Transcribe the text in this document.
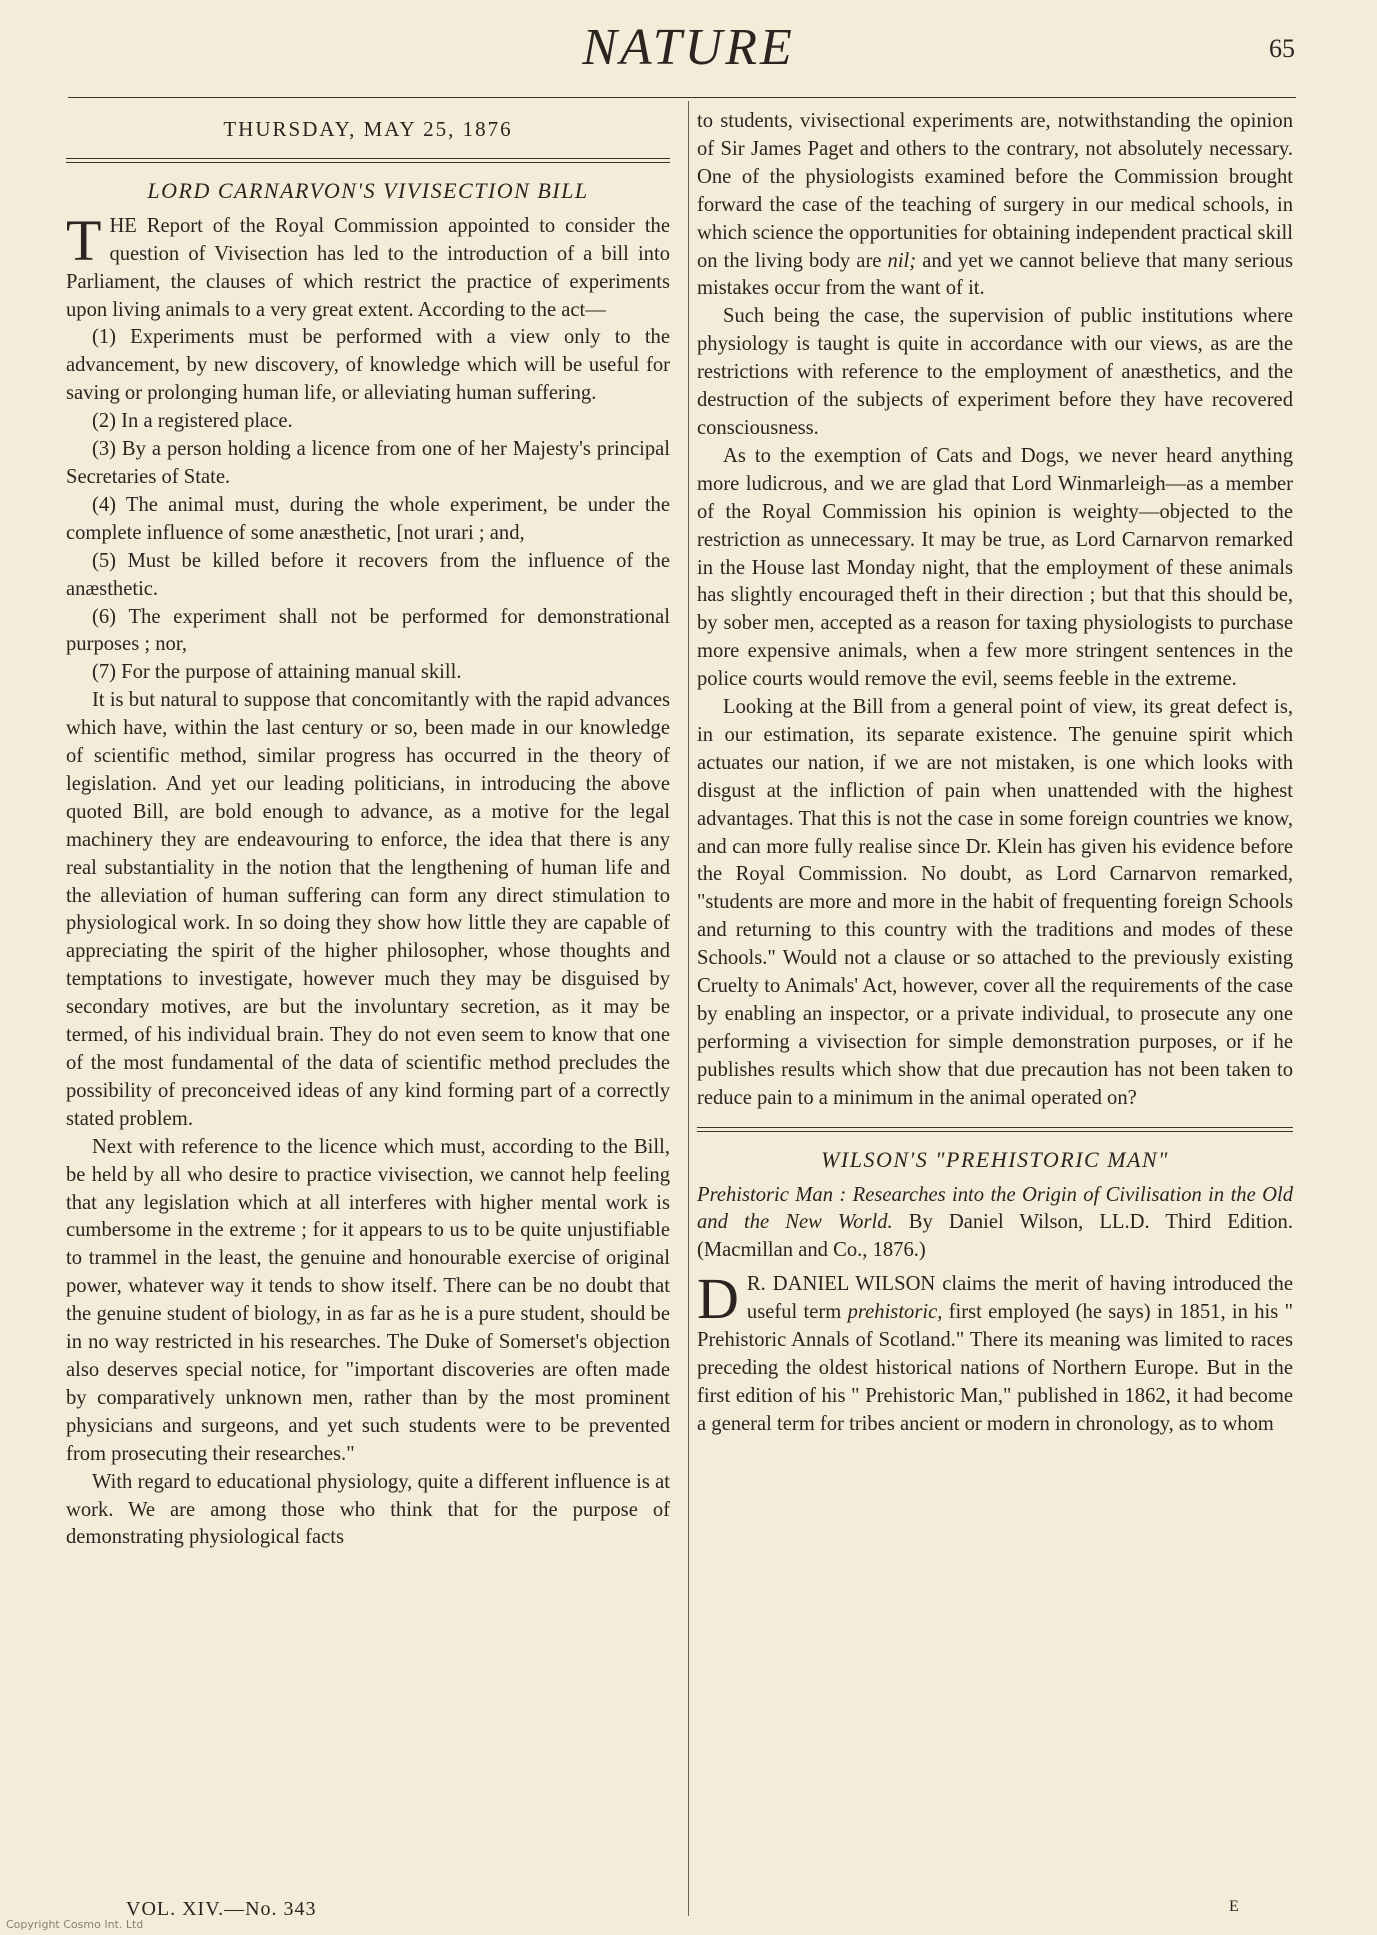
NATURE	65
THURSDAY, MAY 25, 1876
LORD CARNARVON'S VIVISECTION BILL

THE Report of the Royal Commission appointed to consider the question of Vivisection has led to the introduction of a bill into Parliament, the clauses of which restrict the practice of experiments upon living animals to a very great extent. According to the act—

(1) Experiments must be performed with a view only to the advancement, by new discovery, of knowledge which will be useful for saving or prolonging human life, or alleviating human suffering.

(2) In a registered place.

(3) By a person holding a licence from one of her Majesty's principal Secretaries of State.

(4) The animal must, during the whole experiment, be under the complete influence of some anæsthetic, [not urari ; and,

(5) Must be killed before it recovers from the influence of the anæsthetic.

(6) The experiment shall not be performed for demonstrational purposes ; nor,

(7) For the purpose of attaining manual skill.

It is but natural to suppose that concomitantly with the rapid advances which have, within the last century or so, been made in our knowledge of scientific method, similar progress has occurred in the theory of legislation. And yet our leading politicians, in introducing the above quoted Bill, are bold enough to advance, as a motive for the legal machinery they are endeavouring to enforce, the idea that there is any real substantiality in the notion that the lengthening of human life and the alleviation of human suffering can form any direct stimulation to physiological work. In so doing they show how little they are capable of appreciating the spirit of the higher philosopher, whose thoughts and temptations to investigate, however much they may be disguised by secondary motives, are but the involuntary secretion, as it may be termed, of his individual brain. They do not even seem to know that one of the most fundamental of the data of scientific method precludes the possibility of preconceived ideas of any kind forming part of a correctly stated problem.

Next with reference to the licence which must, according to the Bill, be held by all who desire to practice vivisection, we cannot help feeling that any legislation which at all interferes with higher mental work is cumbersome in the extreme ; for it appears to us to be quite unjustifiable to trammel in the least, the genuine and honourable exercise of original power, whatever way it tends to show itself. There can be no doubt that the genuine student of biology, in as far as he is a pure student, should be in no way restricted in his researches. The Duke of Somerset's objection also deserves special notice, for "important discoveries are often made by comparatively unknown men, rather than by the most prominent physicians and surgeons, and yet such students were to be prevented from prosecuting their researches."

With regard to educational physiology, quite a different influence is at work. We are among those who think that for the purpose of demonstrating physiological facts

to students, vivisectional experiments are, notwithstanding the opinion of Sir James Paget and others to the contrary, not absolutely necessary. One of the physiologists examined before the Commission brought forward the case of the teaching of surgery in our medical schools, in which science the opportunities for obtaining independent practical skill on the living body are nil; and yet we cannot believe that many serious mistakes occur from the want of it.

Such being the case, the supervision of public institutions where physiology is taught is quite in accordance with our views, as are the restrictions with reference to the employment of anæsthetics, and the destruction of the subjects of experiment before they have recovered consciousness.

As to the exemption of Cats and Dogs, we never heard anything more ludicrous, and we are glad that Lord Winmarleigh—as a member of the Royal Commission his opinion is weighty—objected to the restriction as unnecessary. It may be true, as Lord Carnarvon remarked in the House last Monday night, that the employment of these animals has slightly encouraged theft in their direction ; but that this should be, by sober men, accepted as a reason for taxing physiologists to purchase more expensive animals, when a few more stringent sentences in the police courts would remove the evil, seems feeble in the extreme.

Looking at the Bill from a general point of view, its great defect is, in our estimation, its separate existence. The genuine spirit which actuates our nation, if we are not mistaken, is one which looks with disgust at the infliction of pain when unattended with the highest advantages. That this is not the case in some foreign countries we know, and can more fully realise since Dr. Klein has given his evidence before the Royal Commission. No doubt, as Lord Carnarvon remarked, "students are more and more in the habit of frequenting foreign Schools and returning to this country with the traditions and modes of these Schools." Would not a clause or so attached to the previously existing Cruelty to Animals' Act, however, cover all the requirements of the case by enabling an inspector, or a private individual, to prosecute any one performing a vivisection for simple demonstration purposes, or if he publishes results which show that due precaution has not been taken to reduce pain to a minimum in the animal operated on?

WILSON'S "PREHISTORIC MAN"

Prehistoric Man : Researches into the Origin of Civilisation in the Old and the New World. By Daniel Wilson, LL.D. Third Edition. (Macmillan and Co., 1876.)

D R. DANIEL WILSON claims the merit of having introduced the useful term prehistoric, first employed (he says) in 1851, in his " Prehistoric Annals of Scotland." There its meaning was limited to races preceding the oldest historical nations of Northern Europe. But in the first edition of his " Prehistoric Man," published in 1862, it had become a general term for tribes ancient or modern in chronology, as to whom

VOL. XIV.—No. 343	E
Copyright Cosmo Int. Ltd
